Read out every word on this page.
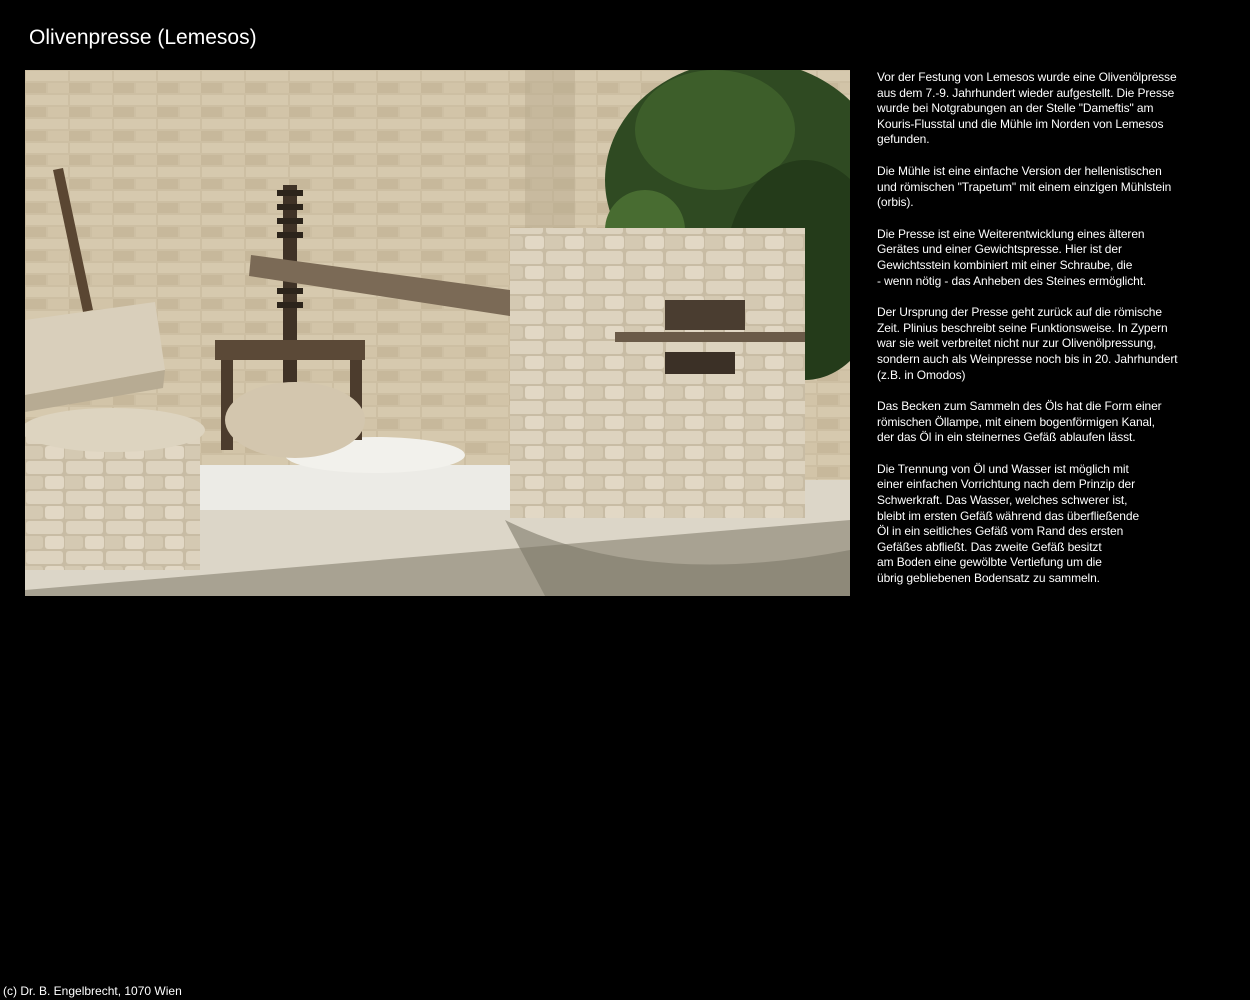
Olivenpresse (Lemesos)

Vor der Festung von Lemesos wurde eine Olivenölpresse
aus dem 7.-9. Jahrhundert wieder aufgestellt. Die Presse
wurde bei Notgrabungen an der Stelle "Dameftis" am
Kouris-Flusstal und die Mühle im Norden von Lemesos
gefunden.

Die Mühle ist eine einfache Version der hellenistischen
und römischen "Trapetum" mit einem einzigen Mühlstein
(orbis).

Die Presse ist eine Weiterentwicklung eines älteren
Gerätes und einer Gewichtspresse. Hier ist der
Gewichtsstein kombiniert mit einer Schraube, die
- wenn nötig - das Anheben des Steines ermöglicht.

Der Ursprung der Presse geht zurück auf die römische
Zeit. Plinius beschreibt seine Funktionsweise. In Zypern
war sie weit verbreitet nicht nur zur Olivenölpressung,
sondern auch als Weinpresse noch bis in 20. Jahrhundert
(z.B. in Omodos)

Das Becken zum Sammeln des Öls hat die Form einer
römischen Öllampe, mit einem bogenförmigen Kanal,
der das Öl in ein steinernes Gefäß ablaufen lässt.

Die Trennung von Öl und Wasser ist möglich mit
einer einfachen Vorrichtung nach dem Prinzip der
Schwerkraft. Das Wasser, welches schwerer ist,
bleibt im ersten Gefäß während das überfließende
Öl in ein seitliches Gefäß vom Rand des ersten
Gefäßes abfließt. Das zweite Gefäß besitzt
am Boden eine gewölbte Vertiefung um die
übrig gebliebenen Bodensatz zu sammeln.

(c) Dr. B. Engelbrecht, 1070 Wien
